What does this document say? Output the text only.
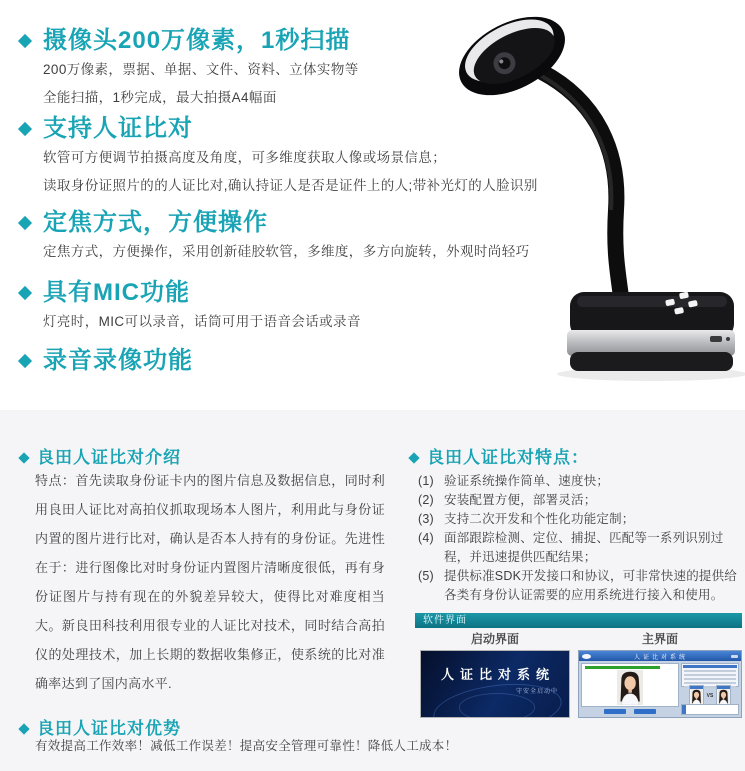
摄像头200万像素，1秒扫描

200万像素，票据、单据、文件、资料、立体实物等

全能扫描，1秒完成，最大拍摄A4幅面

支持人证比对

软管可方便调节拍摄高度及角度，可多维度获取人像或场景信息；

读取身份证照片的的人证比对,确认持证人是否是证件上的人;带补光灯的人脸识别

定焦方式，方便操作

定焦方式，方便操作，采用创新硅胶软管，多维度，多方向旋转，外观时尚轻巧

具有MIC功能

灯亮时，MIC可以录音，话筒可用于语音会话或录音

录音录像功能
良田人证比对介绍

特点：首先读取身份证卡内的图片信息及数据信息，同时利用良田人证比对高拍仪抓取现场本人图片，利用此与身份证内置的图片进行比对，确认是否本人持有的身份证。先进性在于：进行图像比对时身份证内置图片清晰度很低，再有身份证图片与持有现在的外貌差异较大，使得比对难度相当大。新良田科技利用很专业的人证比对技术，同时结合高拍仪的处理技术，加上长期的数据收集修正，使系统的比对准确率达到了国内高水平.

良田人证比对优势

有效提高工作效率！减低工作误差！提高安全管理可靠性！降低人工成本！

良田人证比对特点：
(1) 验证系统操作简单、速度快；
(2) 安装配置方便，部署灵活；
(3) 支持二次开发和个性化功能定制；
(4) 面部跟踪检测、定位、捕捉、匹配等一系列识别过程，并迅速提供匹配结果；
(5) 提供标准SDK开发接口和协议，可非常快速的提供给各类有身份认证需要的应用系统进行接入和使用。
软件界面
启动界面	主界面
人证比对系统
守安全启动中
人证比对系统
VS
